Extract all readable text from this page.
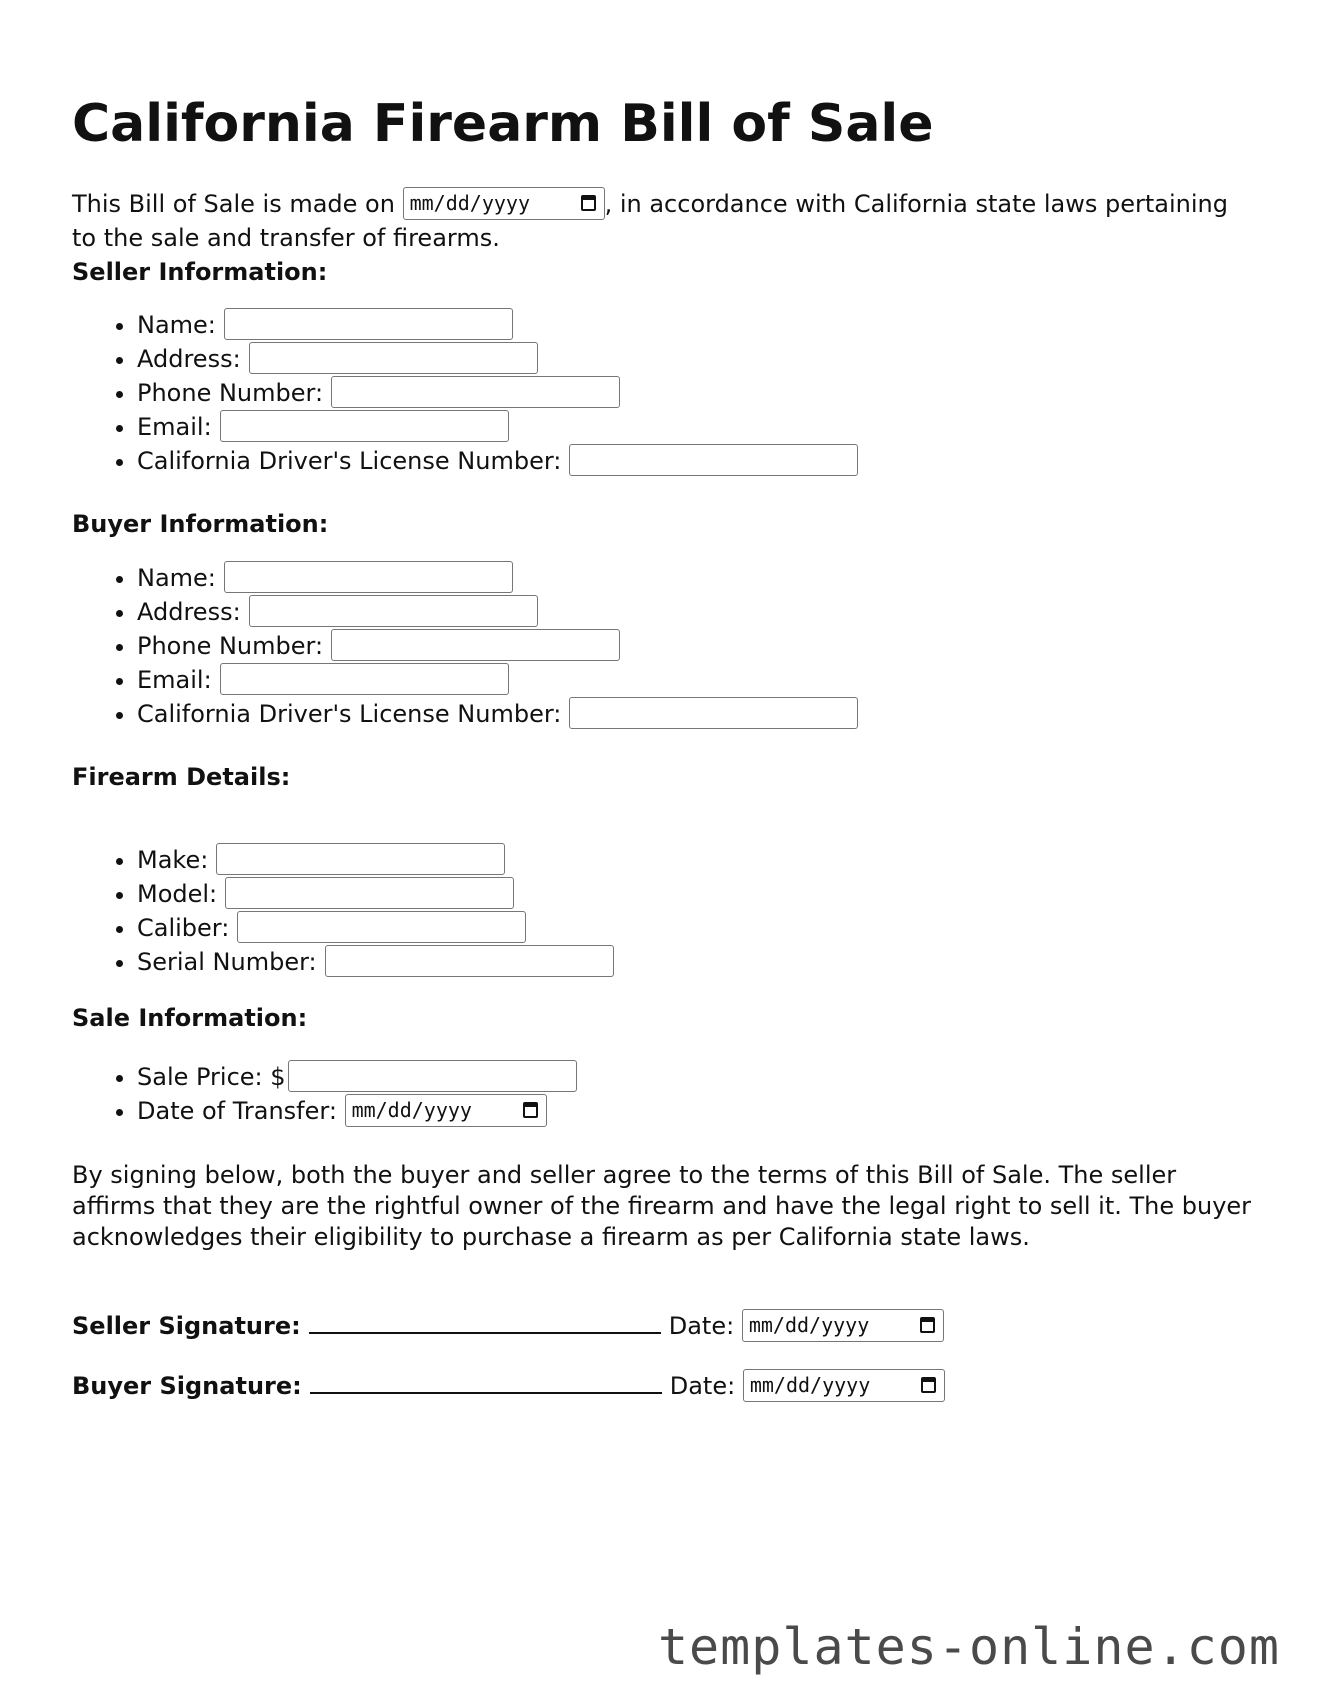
California Firearm Bill of Sale

This Bill of Sale is made on mm/dd/yyyy	, in accordance with California state laws pertaining to the sale and transfer of firearms.

Seller Information:

• Name:
• Address:
• Phone Number:
• Email:
• California Driver's License Number:

Buyer Information:

• Name:
• Address:
• Phone Number:
• Email:
• California Driver's License Number:

Firearm Details:

• Make:
• Model:
• Caliber:
• Serial Number:

Sale Information:

• Sale Price: $
• Date of Transfer: mm/dd/yyyy

By signing below, both the buyer and seller agree to the terms of this Bill of Sale. The seller affirms that they are the rightful owner of the firearm and have the legal right to sell it. The buyer acknowledges their eligibility to purchase a firearm as per California state laws.

Seller Signature:	Date: mm/dd/yyyy
Buyer Signature:	Date: mm/dd/yyyy
templates-online.com
